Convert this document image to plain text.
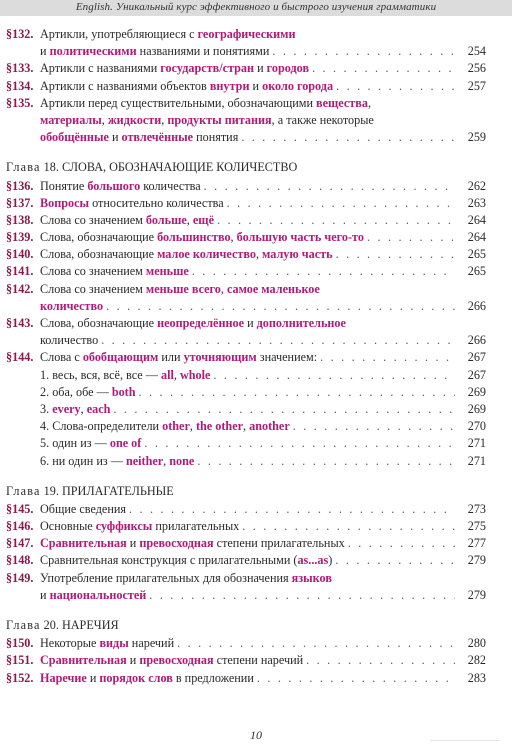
English. Уникальный курс эффективного и быстрого изучения грамматики
§132. Артикли, употребляющиеся с географическими
и политическими названиями и понятиями . . .	254
§133. Артикли с названиями государств/стран и городов . . .	256
§134. Артикли с названиями объектов внутри и около города . . .	257
§135. Артикли перед существительными, обозначающими вещества ,
материалы , жидкости , продукты питания , а также некоторые
обобщённые и отвлечённые понятия . . .	259
Глава 18. СЛОВА, ОБОЗНАЧАЮЩИЕ КОЛИЧЕСТВО
§136. Понятие большого количества . . .	262
§137. Вопросы относительно количества . . .	263
§138. Слова со значением больше , ещё . . .	264
§139. Слова, обозначающие большинство , большую часть чего-то . . .	264
§140. Слова, обозначающие малое количество , малую часть . . .	265
§141. Слова со значением меньше . . .	265
§142. Слова со значением меньше всего , самое маленькое
количество . . .	266
§143. Слова, обозначающие неопределённое и дополнительное
количество . . .	266
§144. Слова с обобщающим или уточняющим значением: . . .	267
1. весь, вся, всё, все — all , whole . . .	267
2. оба, обе — both . . .	269
3. every , each . . .	269
4. Слова-определители other , the other , another . . .	270
5. один из — one of . . .	271
6. ни один из — neither , none . . .	271
Глава 19. ПРИЛАГАТЕЛЬНЫЕ
§145. Общие сведения . . .	273
§146. Основные суффиксы прилагательных . . .	275
§147. Сравнительная и превосходная степени прилагательных . . .	277
§148. Сравнительная конструкция с прилагательными ( as...as ) . . .	279
§149. Употребление прилагательных для обозначения языков
и национальностей . . .	279
Глава 20. НАРЕЧИЯ
§150. Некоторые виды наречий . . .	280
§151. Сравнительная и превосходная степени наречий . . .	282
§152. Наречие и порядок слов в предложении . . .	283
10
